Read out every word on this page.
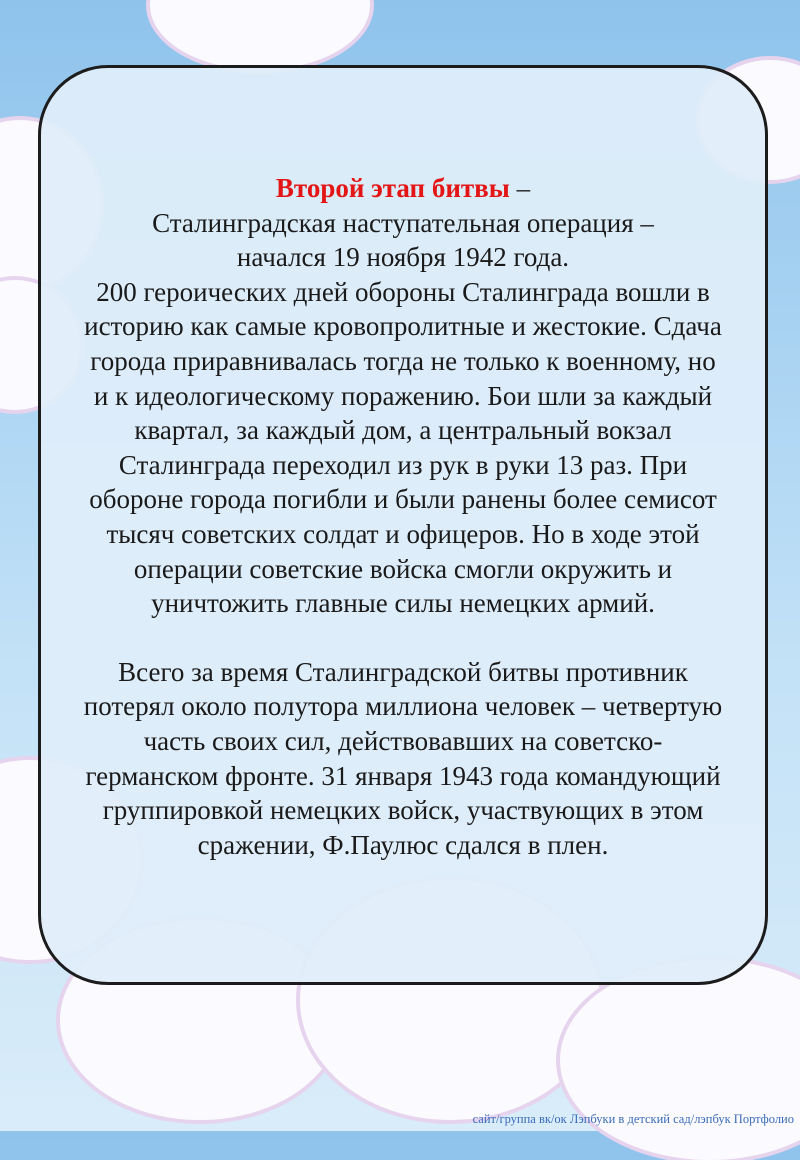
Второй этап битвы –
Сталинградская наступательная операция –
начался 19 ноября 1942 года.
200 героических дней обороны Сталинграда вошли в
историю как самые кровопролитные и жестокие. Сдача
города приравнивалась тогда не только к военному, но
и к идеологическому поражению. Бои шли за каждый
квартал, за каждый дом, а центральный вокзал
Сталинграда переходил из рук в руки 13 раз. При
обороне города погибли и были ранены более семисот
тысяч советских солдат и офицеров. Но в ходе этой
операции советские войска смогли окружить и
уничтожить главные силы немецких армий.
Всего за время Сталинградской битвы противник
потерял около полутора миллиона человек – четвертую
часть своих сил, действовавших на советско-
германском фронте. 31 января 1943 года командующий
группировкой немецких войск, участвующих в этом
сражении, Ф.Паулюс сдался в плен.
сайт/группа вк/ок Лэпбуки в детский сад/лэпбук Портфолио
